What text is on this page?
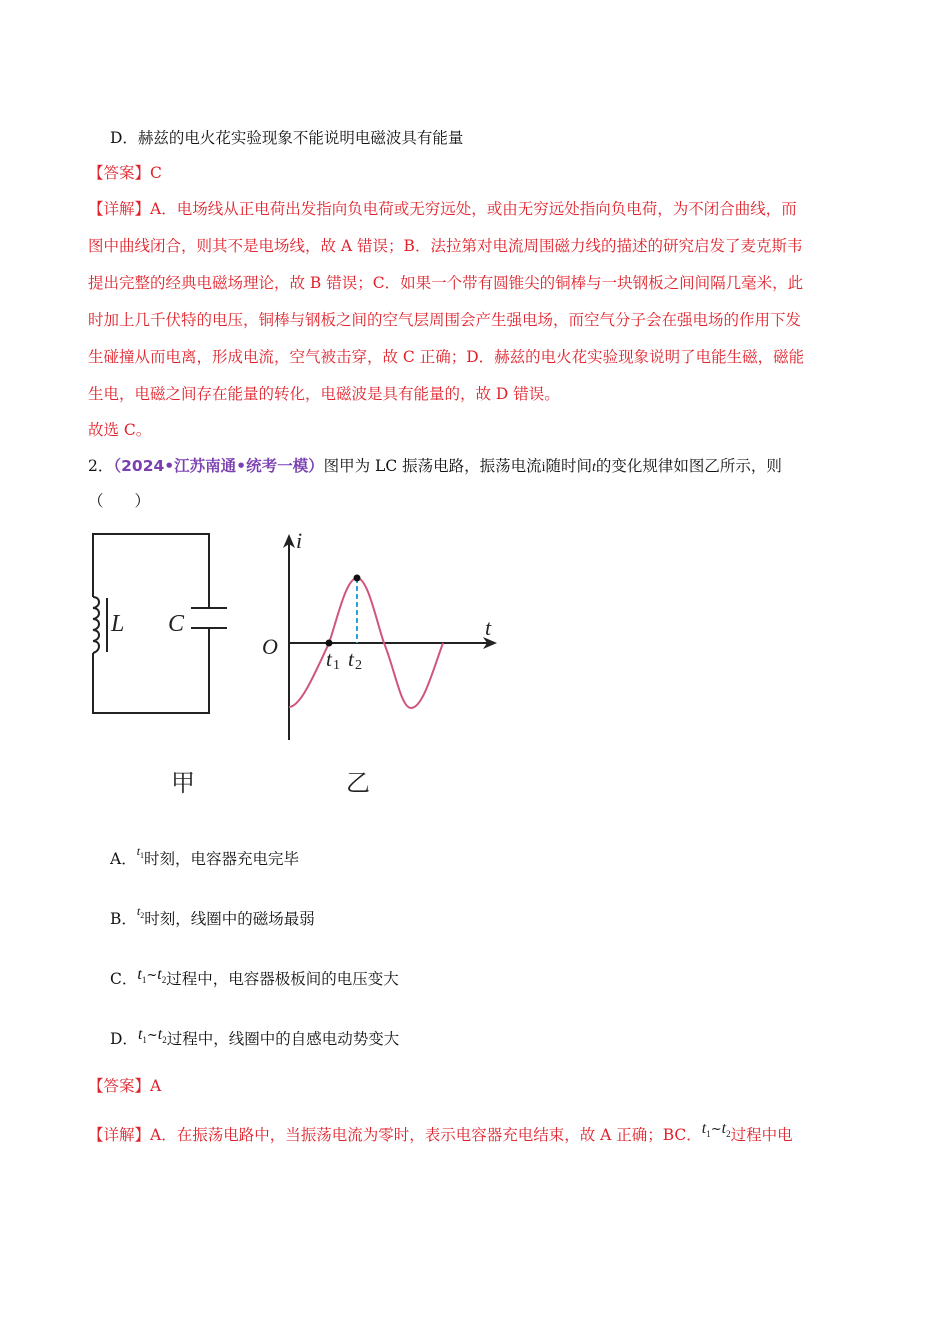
D．赫兹的电火花实验现象不能说明电磁波具有能量
【答案】C
【详解】A．电场线从正电荷出发指向负电荷或无穷远处，或由无穷远处指向负电荷，为不闭合曲线，而
图中曲线闭合，则其不是电场线，故 A 错误；B．法拉第对电流周围磁力线的描述的研究启发了麦克斯韦
提出完整的经典电磁场理论，故 B 错误；C．如果一个带有圆锥尖的铜棒与一块钢板之间间隔几毫米，此
时加上几千伏特的电压，铜棒与钢板之间的空气层周围会产生强电场，而空气分子会在强电场的作用下发
生碰撞从而电离，形成电流，空气被击穿，故 C 正确；D．赫兹的电火花实验现象说明了电能生磁，磁能
生电，电磁之间存在能量的转化，电磁波是具有能量的，故 D 错误。
故选 C。
2．（2024•江苏南通•统考一模）图甲为 LC 振荡电路，振荡电流i随时间t的变化规律如图乙所示，则
（　　）
L C
i
t
O t 1 t 2
甲	乙
A．$^{t_1}$时刻，电容器充电完毕
B．$^{t_2}$时刻，线圈中的磁场最弱
C．$t_1^\sim t_2$过程中，电容器极板间的电压变大
D．$t_1^\sim t_2$过程中，线圈中的自感电动势变大
【答案】A
【详解】A．在振荡电路中，当振荡电流为零时，表示电容器充电结束，故 A 正确；BC．$t_1^\sim t_2$过程中电
